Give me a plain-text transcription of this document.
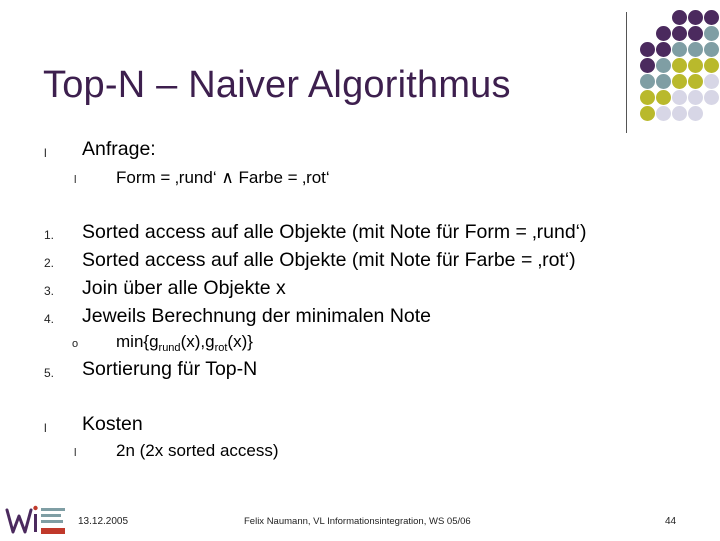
Top-N – Naiver Algorithmus
l Anfrage:
l Form = ‚rund‘ ∧ Farbe = ‚rot‘
1. Sorted access auf alle Objekte (mit Note für Form = ‚rund‘)
2. Sorted access auf alle Objekte (mit Note für Farbe = ‚rot‘)
3. Join über alle Objekte x
4. Jeweils Berechnung der minimalen Note
o $\min\{g_{rund}(x),g_{rot}(x)\}$
5. Sortierung für Top-N
l Kosten
l 2n (2x sorted access)
13.12.2005	Felix Naumann, VL Informationsintegration, WS 05/06	44
